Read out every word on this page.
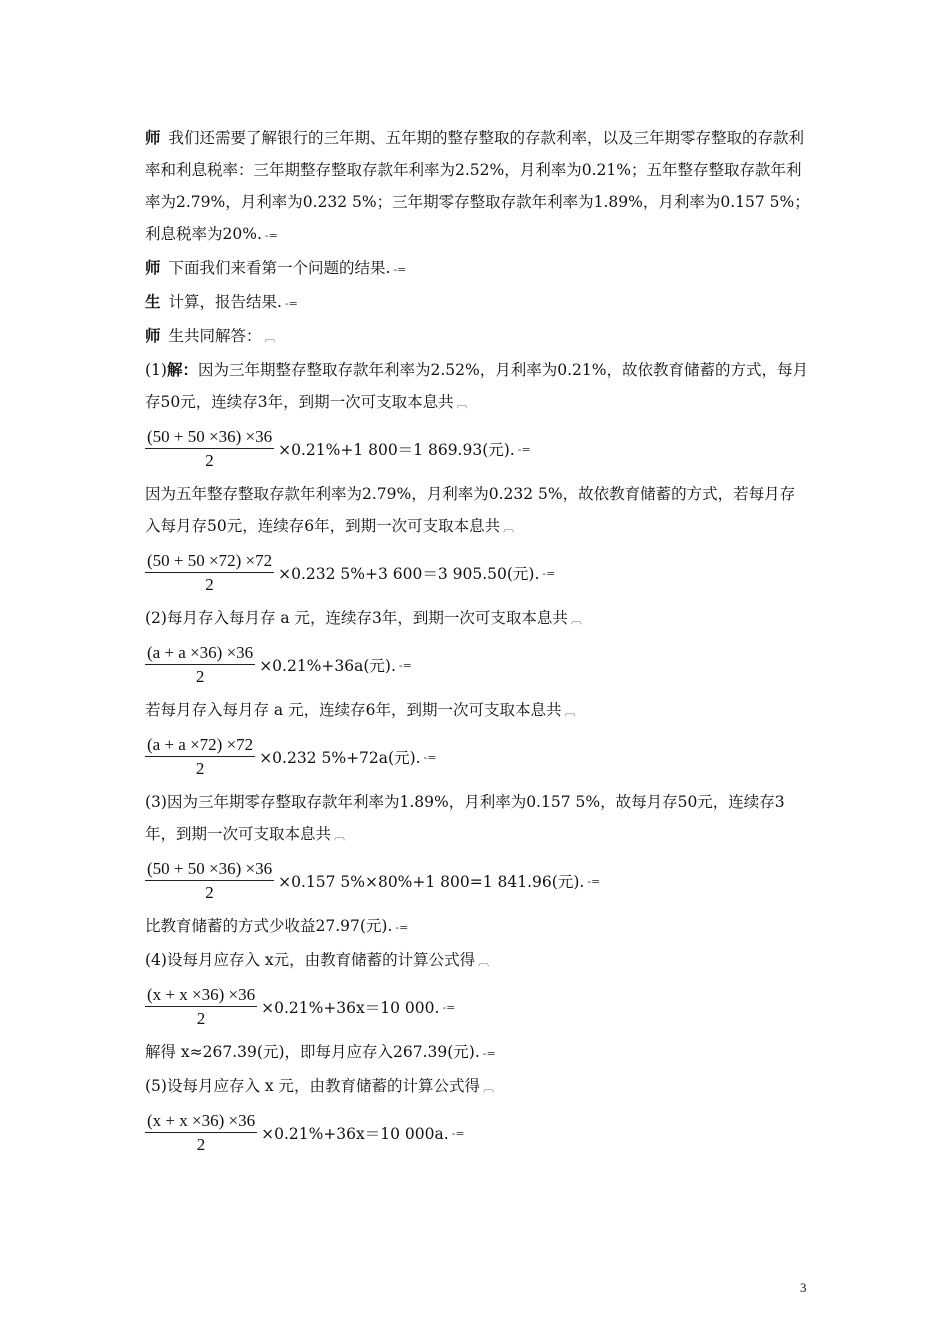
师 我们还需要了解银行的三年期、五年期的整存整取的存款利率，以及三年期零存整取的存款利率和利息税率：三年期整存整取存款年利率为2.52%，月利率为0.21%；五年整存整取存款年利率为2.79%，月利率为0.232 5%；三年期零存整取存款年利率为1.89%，月利率为0.157 5%；利息税率为20%. -=

师 下面我们来看第一个问题的结果. -=

生 计算，报告结果. -=

师 生共同解答： ︹

(1)解：因为三年期整存整取存款年利率为2.52%，月利率为0.21%，故依教育储蓄的方式，每月存50元，连续存3年，到期一次可支取本息共 ︹

$\frac{(50 + 50 \times 36) \times 36}{2} \times 0.21\%+1$ 800＝1 869.93(元). -=

因为五年整存整取存款年利率为2.79%，月利率为0.232 5%，故依教育储蓄的方式，若每月存入每月存50元，连续存6年，到期一次可支取本息共 ︹

$\frac{(50 + 50 \times 72) \times 72}{2} \times 0.232$ 5%+3 600＝3 905.50(元). -=

(2)每月存入每月存 a 元，连续存3年，到期一次可支取本息共 ︹

$\frac{(a + a \times 36) \times 36}{2} \times 0.21\%+36a$(元). -=

若每月存入每月存 a 元，连续存6年，到期一次可支取本息共 ︹

$\frac{(a + a \times 72) \times 72}{2} \times 0.232$ 5%+72a(元). -=

(3)因为三年期零存整取存款年利率为1.89%，月利率为0.157 5%，故每月存50元，连续存3年，到期一次可支取本息共 ︹

$\frac{(50 + 50 \times 36) \times 36}{2} \times 0.157$ 5%×80%+1 800=1 841.96(元). -=

比教育储蓄的方式少收益27.97(元). -=

(4)设每月应存入 x元，由教育储蓄的计算公式得 ︹

$\frac{(x + x \times 36) \times 36}{2} \times 0.21\%+36x=10$ 000. -=

解得 x≈267.39(元)，即每月应存入267.39(元). -=

(5)设每月应存入 x 元，由教育储蓄的计算公式得 ︹

$\frac{(x + x \times 36) \times 36}{2} \times 0.21\%+36x=10$ 000a. -=
3
